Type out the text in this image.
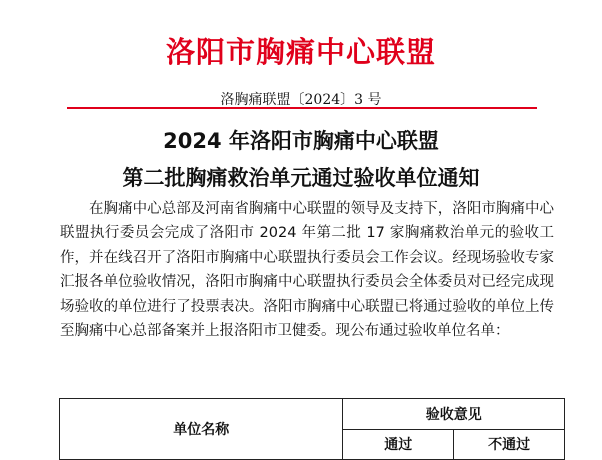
洛阳市胸痛中心联盟
洛胸痛联盟〔2024〕3 号
2024 年洛阳市胸痛中心联盟
第二批胸痛救治单元通过验收单位通知
在胸痛中心总部及河南省胸痛中心联盟的领导及支持下，洛阳市胸痛中心联盟执行委员会完成了洛阳市 2024 年第二批 17 家胸痛救治单元的验收工作，并在线召开了洛阳市胸痛中心联盟执行委员会工作会议。经现场验收专家汇报各单位验收情况，洛阳市胸痛中心联盟执行委员会全体委员对已经完成现场验收的单位进行了投票表决。洛阳市胸痛中心联盟已将通过验收的单位上传至胸痛中心总部备案并上报洛阳市卫健委。现公布通过验收单位名单：
单位名称	验收意见	
	通过	不通过
